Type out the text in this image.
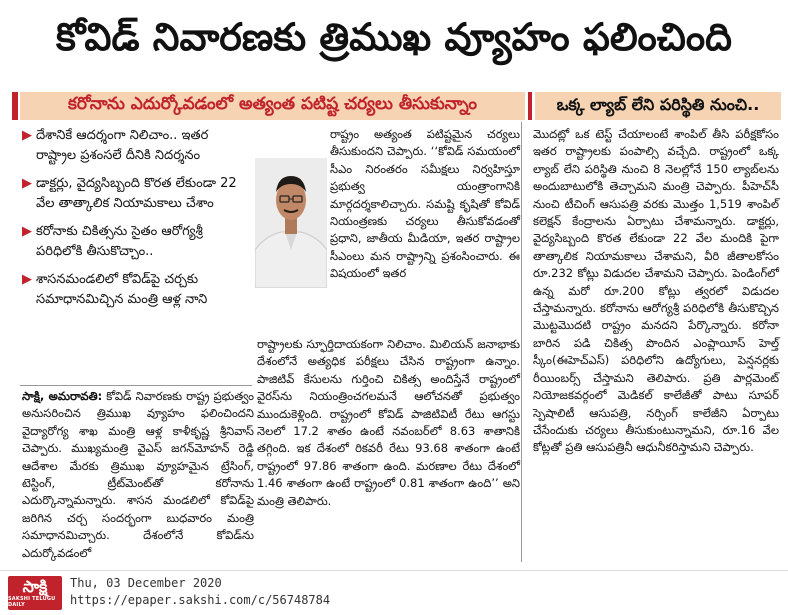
కోవిడ్ నివారణకు త్రిముఖ వ్యూహం ఫలించింది
కరోనాను ఎదుర్కోవడంలో అత్యంత పటిష్ట చర్యలు తీసుకున్నాం	ఒక్క ల్యాబ్ లేని పరిస్థితి నుంచి..
▶ దేశానికే ఆదర్శంగా నిలిచాం.. ఇతర రాష్ట్రాల ప్రశంసలే దీనికి నిదర్శనం
▶ డాక్టర్లు, వైద్యసిబ్బంది కొరత లేకుండా 22 వేల తాత్కాలిక నియామకాలు చేశాం
▶ కరోనాకు చికిత్సను సైతం ఆరోగ్యశ్రీ పరిధిలోకి తీసుకొచ్చాం..
▶ శాసనమండలిలో కోవిడ్‌పై చర్చకు సమాధానమిచ్చిన మంత్రి ఆళ్ల నాని
రాష్ట్రం అత్యంత పటిష్టమైన చర్యలు తీసుకుందని చెప్పారు. ‘‘కోవిడ్ సమయంలో సీఎం నిరంతరం సమీక్షలు నిర్వహిస్తూ ప్రభుత్వ యంత్రాంగానికి మార్గదర్శకాలిచ్చారు. సమష్టి కృషితో కోవిడ్ నియంత్రణకు చర్యలు తీసుకోవడంతో ప్రధాని, జాతీయ మీడియా, ఇతర రాష్ట్రాల సీఎంలు మన రాష్ట్రాన్ని ప్రశంసించారు. ఈ విషయంలో ఇతర
రాష్ట్రాలకు స్ఫూర్తిదాయకంగా నిలిచాం. మిలియన్ జనాభాకు దేశంలోనే అత్యధిక పరీక్షలు చేసిన రాష్ట్రంగా ఉన్నాం. పాజిటివ్ కేసులను గుర్తించి చికిత్స అందిస్తేనే రాష్ట్రంలో వైరస్‌ను నియంత్రించగలమనే ఆలోచనతో ప్రభుత్వం ముందుకెళ్లింది. రాష్ట్రంలో కోవిడ్ పాజిటివిటీ రేటు ఆగస్టు నెలలో 17.2 శాతం ఉంటే నవంబర్‌లో 8.63 శాతానికి తగ్గింది. ఇక దేశంలో రికవరీ రేటు 93.68 శాతంగా ఉంటే రాష్ట్రంలో 97.86 శాతంగా ఉంది. మరణాల రేటు దేశంలో 1.46 శాతంగా ఉంటే రాష్ట్రంలో 0.81 శాతంగా ఉంది’’ అని మంత్రి తెలిపారు.
సాక్షి, అమరావతి: కోవిడ్ నివారణకు రాష్ట్ర ప్రభుత్వం అనుసరించిన త్రిముఖ వ్యూహం ఫలించిందని వైద్యారోగ్య శాఖ మంత్రి ఆళ్ల కాళీకృష్ణ శ్రీనివాస్ చెప్పారు. ముఖ్యమంత్రి వైఎస్ జగన్‌మోహన్ రెడ్డి ఆదేశాల మేరకు త్రిముఖ వ్యూహమైన ట్రేసింగ్, టెస్టింగ్, ట్రీట్‌మెంట్‌తో కరోనాను ఎదుర్కొన్నామన్నారు. శాసన మండలిలో కోవిడ్‌పై జరిగిన చర్చ సందర్భంగా బుధవారం మంత్రి సమాధానమిచ్చారు. దేశంలోనే కోవిడ్‌ను ఎదుర్కోవడంలో
మొదట్లో ఒక టెస్ట్ చేయాలంటే శాంపిల్ తీసి పరీక్షకోసం ఇతర రాష్ట్రాలకు పంపాల్సి వచ్చేది. రాష్ట్రంలో ఒక్క ల్యాబ్ లేని పరిస్థితి నుంచి 8 నెలల్లోనే 150 ల్యాబ్‌లను అందుబాటులోకి తెచ్చామని మంత్రి చెప్పారు. పీహెచ్‌సీ నుంచి టీచింగ్ ఆసుపత్రి వరకు మొత్తం 1,519 శాంపిల్ కలెక్షన్ కేంద్రాలను ఏర్పాటు చేశామన్నారు. డాక్టర్లు, వైద్యసిబ్బంది కొరత లేకుండా 22 వేల మందికి పైగా తాత్కాలిక నియామకాలు చేశామని, వీరి జీతాలకోసం రూ.232 కోట్లు విడుదల చేశామని చెప్పారు. పెండింగ్‌లో ఉన్న మరో రూ.200 కోట్లు త్వరలో విడుదల చేస్తామన్నారు. కరోనాను ఆరోగ్యశ్రీ పరిధిలోకి తీసుకొచ్చిన మొట్టమొదటి రాష్ట్రం మనదని పేర్కొన్నారు. కరోనా బారిన పడి చికిత్స పొందిన ఎంప్లాయీస్ హెల్త్ స్కీం(ఈహెచ్‌ఎస్) పరిధిలోని ఉద్యోగులు, పెన్షనర్లకు రీయింబర్స్ చేస్తామని తెలిపారు. ప్రతి పార్లమెంట్ నియోజకవర్గంలో మెడికల్ కాలేజీతో పాటు సూపర్ స్పెషాలిటీ ఆసుపత్రి, నర్సింగ్ కాలేజీని ఏర్పాటు చేసేందుకు చర్యలు తీసుకుంటున్నామని, రూ.16 వేల కోట్లతో ప్రతి ఆసుపత్రినీ ఆధునీకరిస్తామని చెప్పారు.
సాక్షి
SAKSHI TELUGU DAILY
Thu, 03 December 2020
https://epaper.sakshi.com/c/56748784
